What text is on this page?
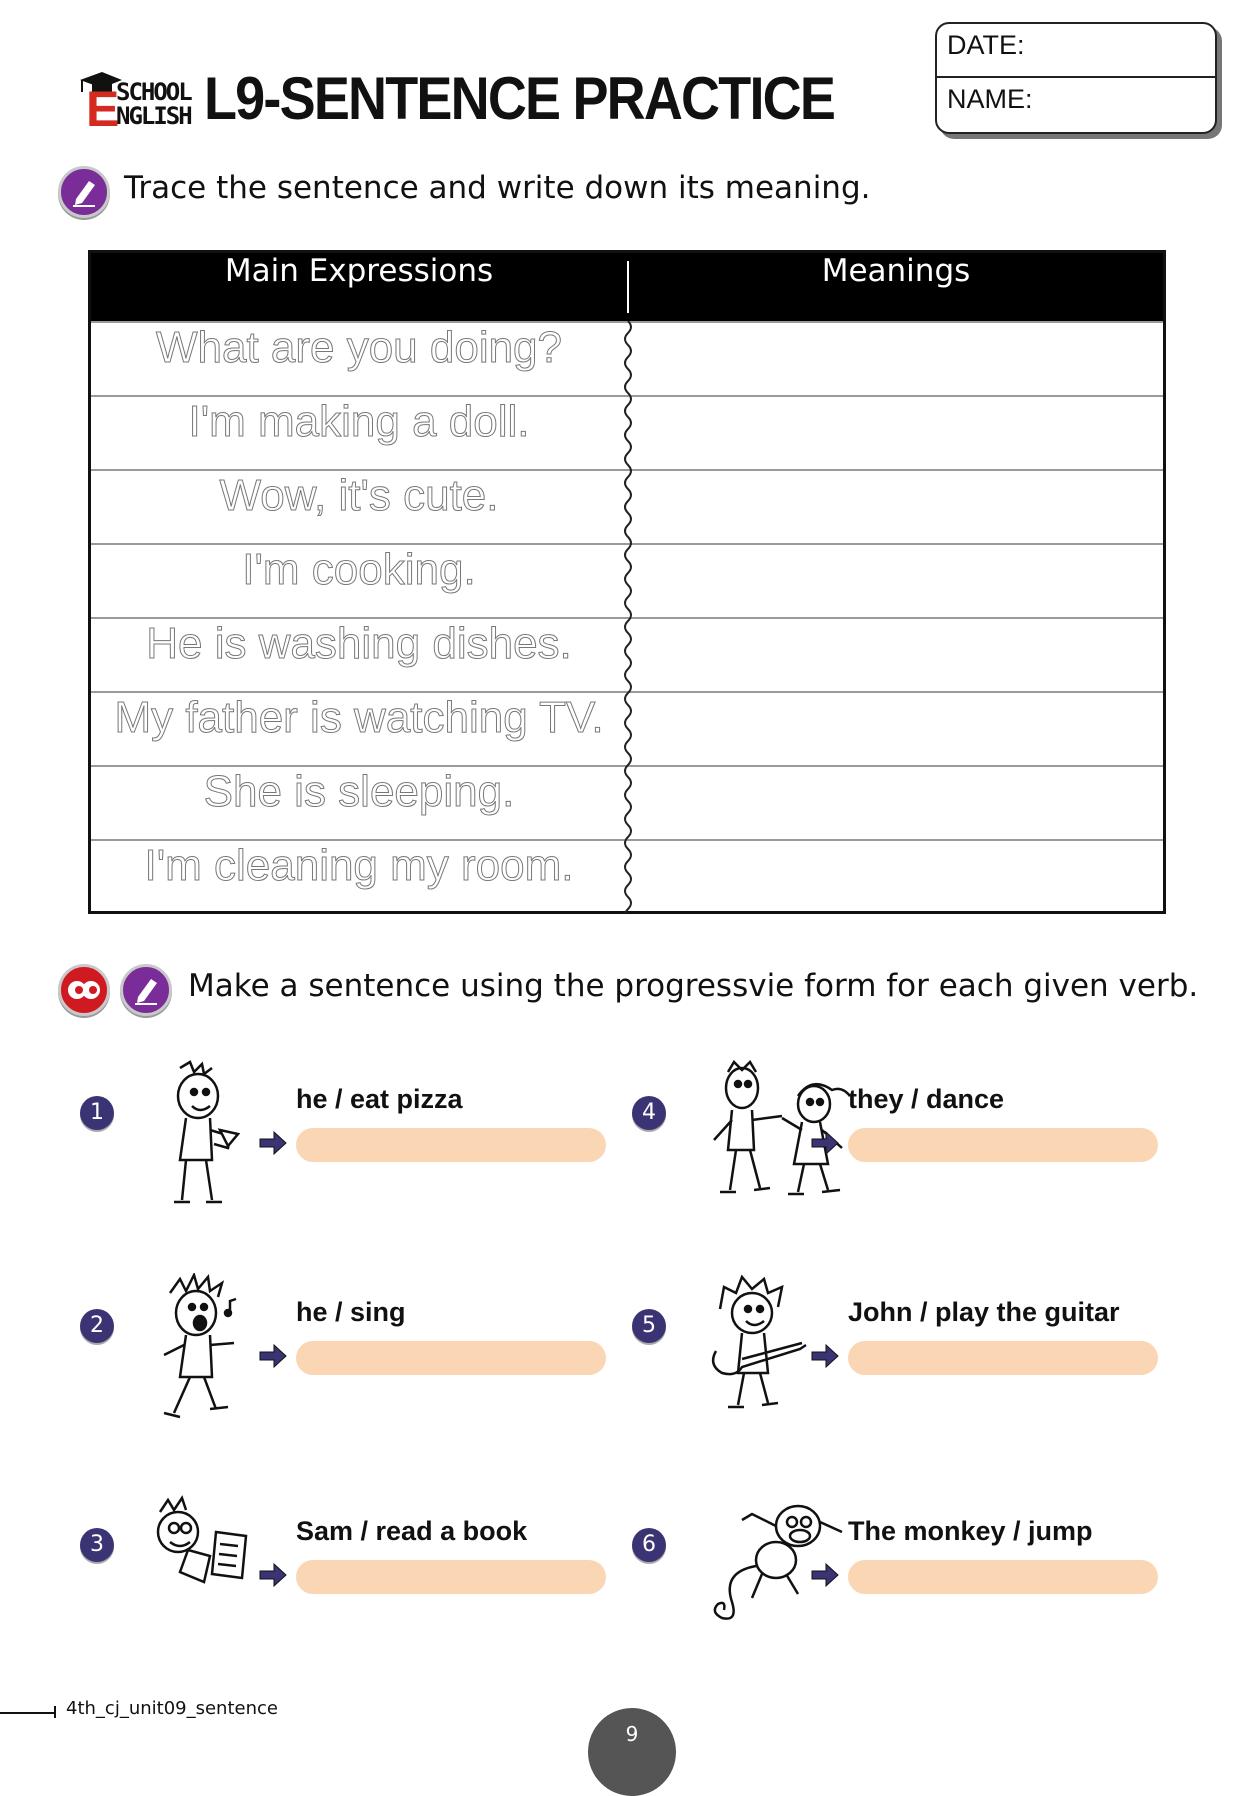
E
SCHOOL
NGLISH L9-SENTENCE PRACTICE
DATE:
NAME:
Trace the sentence and write down its meaning.
Main Expressions	Meanings
What are you doing?
I'm making a doll.
Wow, it's cute.
I'm cooking.
He is washing dishes.
My father is watching TV.
She is sleeping.
I'm cleaning my room.
Make a sentence using the progressvie form for each given verb.
1	he / eat pizza
2	he / sing
3	Sam / read a book
4	they / dance
5	John / play the guitar
6	The monkey / jump
4th_cj_unit09_sentence
9
